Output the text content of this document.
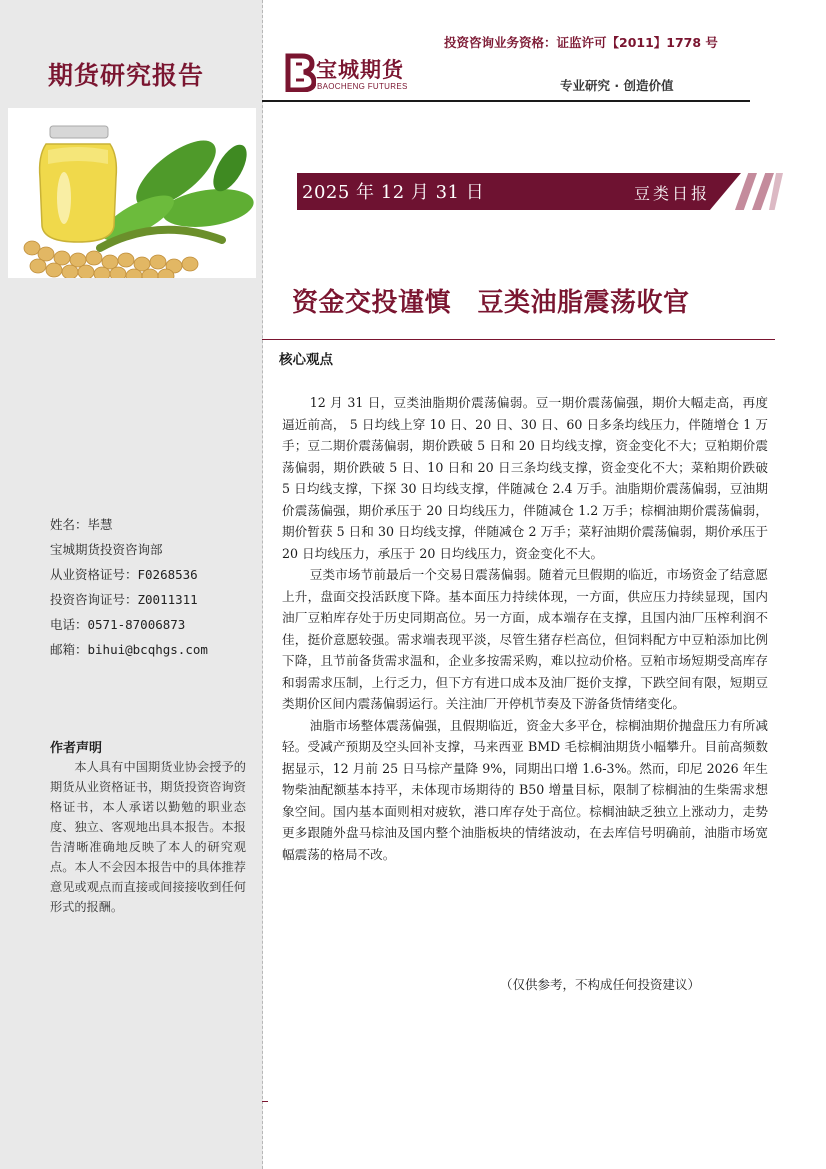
期货研究报告
姓名：毕慧
宝城期货投资咨询部
从业资格证号：F0268536
投资咨询证号：Z0011311
电话：0571-87006873
邮箱：bihui@bcqhgs.com
作者声明
本人具有中国期货业协会授予的期货从业资格证书，期货投资咨询资格证书，本人承诺以勤勉的职业态度、独立、客观地出具本报告。本报告清晰准确地反映了本人的研究观点。本人不会因本报告中的具体推荐意见或观点而直接或间接接收到任何形式的报酬。
投资咨询业务资格：证监许可【2011】1778 号
宝城期货
BAOCHENG FUTURES	专业研究 · 创造价值
2025 年 12 月 31 日	豆类日报
资金交投谨慎　豆类油脂震荡收官
核心观点

12 月 31 日，豆类油脂期价震荡偏弱。豆一期价震荡偏强，期价大幅走高，再度逼近前高， 5 日均线上穿 10 日、20 日、30 日、60 日多条均线压力，伴随增仓 1 万手；豆二期价震荡偏弱，期价跌破 5 日和 20 日均线支撑，资金变化不大；豆粕期价震荡偏弱，期价跌破 5 日、10 日和 20 日三条均线支撑，资金变化不大；菜粕期价跌破 5 日均线支撑，下探 30 日均线支撑，伴随减仓 2.4 万手。油脂期价震荡偏弱，豆油期价震荡偏强，期价承压于 20 日均线压力，伴随减仓 1.2 万手；棕榈油期价震荡偏弱，期价暂获 5 日和 30 日均线支撑，伴随减仓 2 万手；菜籽油期价震荡偏弱，期价承压于 20 日均线压力，承压于 20 日均线压力，资金变化不大。

豆类市场节前最后一个交易日震荡偏弱。随着元旦假期的临近，市场资金了结意愿上升，盘面交投活跃度下降。基本面压力持续体现，一方面，供应压力持续显现，国内油厂豆粕库存处于历史同期高位。另一方面，成本端存在支撑，且国内油厂压榨利润不佳，挺价意愿较强。需求端表现平淡，尽管生猪存栏高位，但饲料配方中豆粕添加比例下降，且节前备货需求温和，企业多按需采购，难以拉动价格。豆粕市场短期受高库存和弱需求压制，上行乏力，但下方有进口成本及油厂挺价支撑，下跌空间有限，短期豆类期价区间内震荡偏弱运行。关注油厂开停机节奏及下游备货情绪变化。

油脂市场整体震荡偏强，且假期临近，资金大多平仓，棕榈油期价抛盘压力有所减轻。受减产预期及空头回补支撑，马来西亚 BMD 毛棕榈油期货小幅攀升。目前高频数据显示，12 月前 25 日马棕产量降 9%，同期出口增 1.6-3%。然而，印尼 2026 年生物柴油配额基本持平，未体现市场期待的 B50 增量目标，限制了棕榈油的生柴需求想象空间。国内基本面则相对疲软，港口库存处于高位。棕榈油缺乏独立上涨动力，走势更多跟随外盘马棕油及国内整个油脂板块的情绪波动，在去库信号明确前，油脂市场宽幅震荡的格局不改。

（仅供参考，不构成任何投资建议）
